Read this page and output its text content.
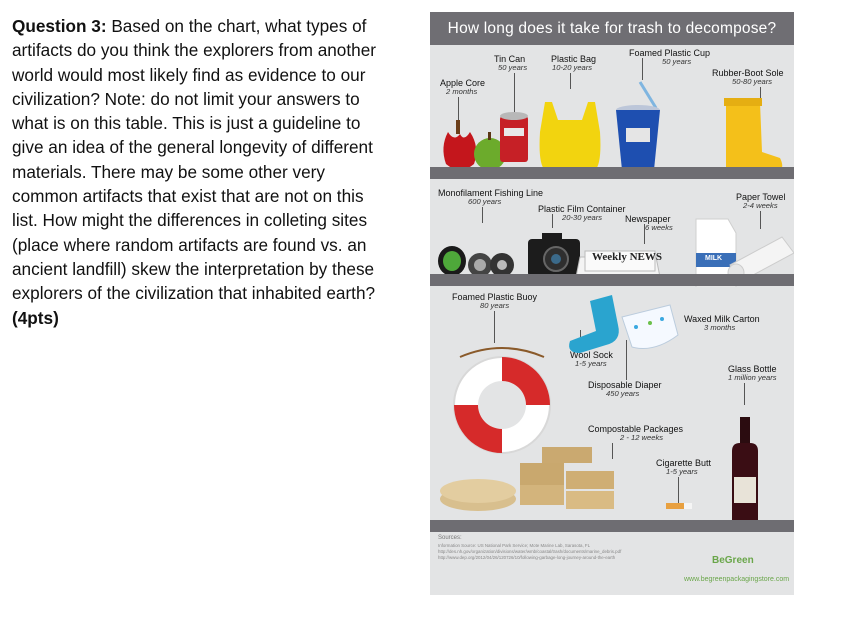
Question 3: Based on the chart, what types of
artifacts do you think the explorers from another
world would most likely find as evidence to our
civilization? Note: do not limit your answers to
what is on this table. This is just a guideline to
give an idea of the general longevity of different
materials. There may be some other very
common artifacts that exist that are not on this
list. How might the differences in colleting sites
(place where random artifacts are found vs. an
ancient landfill) skew the interpretation by these
explorers of the civilization that inhabited earth?
(4pts)
How long does it take for trash to decompose?
Tin Can
50 years
Plastic Bag
10-20 years
Foamed Plastic Cup
50 years
Apple Core
2 months
Rubber-Boot Sole
50-80 years
Monofilament Fishing Line
600 years
Plastic Film Container
20-30 years	Newspaper
6 weeks
Paper Towel
2-4 weeks
Weekly NEWS	MILK
Foamed Plastic Buoy
80 years
Waxed Milk Carton
3 months
Wool Sock
1-5 years
Glass Bottle
1 million years
Disposable Diaper
450 years
Compostable Packages
2 - 12 weeks
Cigarette Butt
1-5 years
Sources:
Information Source: US National Park Service; Mote Marine Lab, Sarasota, FL
http://des.nh.gov/organization/divisions/water/wmb/coastal/trash/documents/marine_debris.pdf
http://www.dep.org/2012/04/26/120726/10/following-garbage-long-journey-around-the-earth	BeGreen
www.begreenpackagingstore.com
